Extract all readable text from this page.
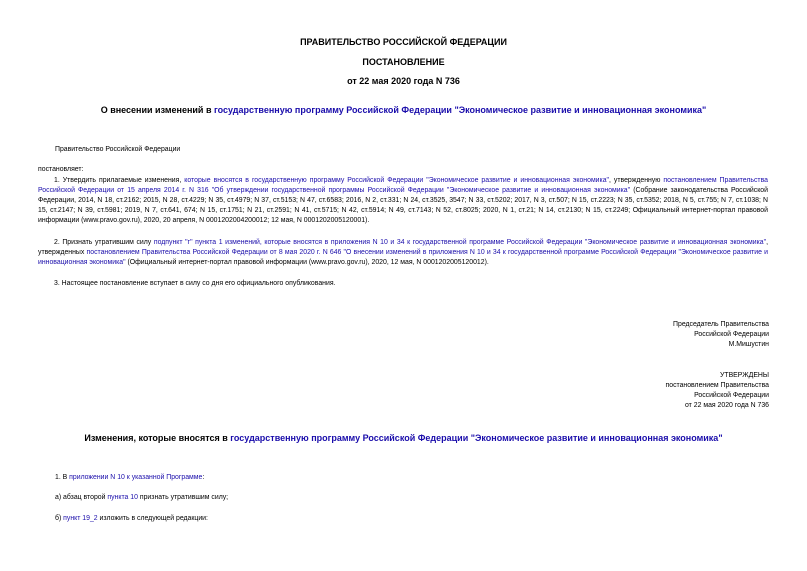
ПРАВИТЕЛЬСТВО РОССИЙСКОЙ ФЕДЕРАЦИИ
ПОСТАНОВЛЕНИЕ
от 22 мая 2020 года N 736
О внесении изменений в государственную программу Российской Федерации "Экономическое развитие и инновационная экономика"
Правительство Российской Федерации
постановляет:
1. Утвердить прилагаемые изменения, которые вносятся в государственную программу Российской Федерации "Экономическое развитие и инновационная экономика", утвержденную постановлением Правительства Российской Федерации от 15 апреля 2014 г. N 316 "Об утверждении государственной программы Российской Федерации "Экономическое развитие и инновационная экономика" (Собрание законодательства Российской Федерации, 2014, N 18, ст.2162; 2015, N 28, ст.4229; N 35, ст.4979; N 37, ст.5153; N 47, ст.6583; 2016, N 2, ст.331; N 24, ст.3525, 3547; N 33, ст.5202; 2017, N 3, ст.507; N 15, ст.2223; N 35, ст.5352; 2018, N 5, ст.755; N 7, ст.1038; N 15, ст.2147; N 39, ст.5981; 2019, N 7, ст.641, 674; N 15, ст.1751; N 21, ст.2591; N 41, ст.5715; N 42, ст.5914; N 49, ст.7143; N 52, ст.8025; 2020, N 1, ст.21; N 14, ст.2130; N 15, ст.2249; Официальный интернет-портал правовой информации (www.pravo.gov.ru), 2020, 20 апреля, N 0001202004200012; 12 мая, N 0001202005120001).
2. Признать утратившим силу подпункт "г" пункта 1 изменений, которые вносятся в приложения N 10 и 34 к государственной программе Российской Федерации "Экономическое развитие и инновационная экономика", утвержденных постановлением Правительства Российской Федерации от 8 мая 2020 г. N 646 "О внесении изменений в приложения N 10 и 34 к государственной программе Российской Федерации "Экономическое развитие и инновационная экономика" (Официальный интернет-портал правовой информации (www.pravo.gov.ru), 2020, 12 мая, N 0001202005120012).
3. Настоящее постановление вступает в силу со дня его официального опубликования.
Председатель Правительства
Российской Федерации
М.Мишустин
УТВЕРЖДЕНЫ
постановлением Правительства
Российской Федерации
от 22 мая 2020 года N 736
Изменения, которые вносятся в государственную программу Российской Федерации "Экономическое развитие и инновационная экономика"
1. В приложении N 10 к указанной Программе:
а) абзац второй пункта 10 признать утратившим силу;
б) пункт 19_2 изложить в следующей редакции:
